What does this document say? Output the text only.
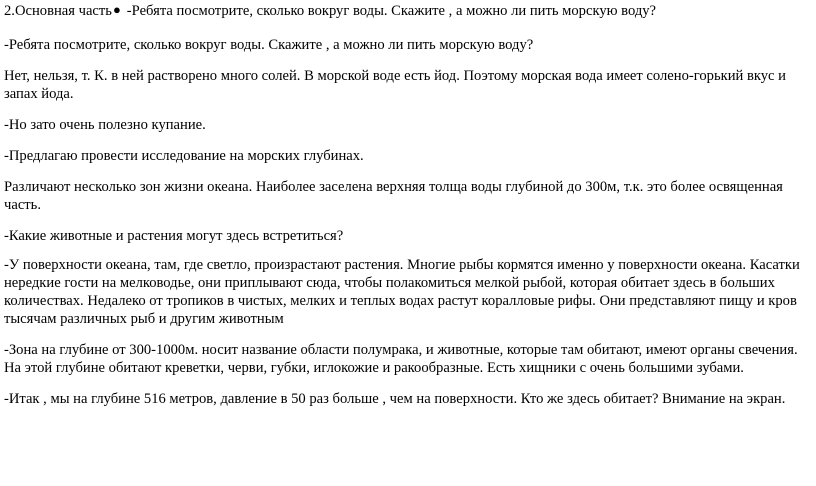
2.Основная часть● -Ребята посмотрите, сколько вокруг воды. Скажите , а можно ли пить морскую воду?

-Ребята посмотрите, сколько вокруг воды. Скажите , а можно ли пить морскую воду?

Нет, нельзя, т. К. в ней растворено много солей. В морской воде есть йод. Поэтому морская вода имеет солено-горький вкус и запах йода.

-Но зато очень полезно купание.

-Предлагаю провести исследование на морских глубинах.

Различают несколько зон жизни океана. Наиболее заселена верхняя толща воды глубиной до 300м, т.к. это более освященная часть.

-Какие животные и растения могут здесь встретиться?

-У поверхности океана, там, где светло, произрастают растения. Многие рыбы кормятся именно у поверхности океана. Касатки нередкие гости на мелководье, они приплывают сюда, чтобы полакомиться мелкой рыбой, которая обитает здесь в больших количествах. Недалеко от тропиков в чистых, мелких и теплых водах растут коралловые рифы. Они представляют пищу и кров тысячам различных рыб и другим животным

-Зона на глубине от 300-1000м. носит название области полумрака, и животные, которые там обитают, имеют органы свечения. На этой глубине обитают креветки, черви, губки, иглокожие и ракообразные. Есть хищники с очень большими зубами.

-Итак , мы на глубине 516 метров, давление в 50 раз больше , чем на поверхности. Кто же здесь обитает? Внимание на экран.
